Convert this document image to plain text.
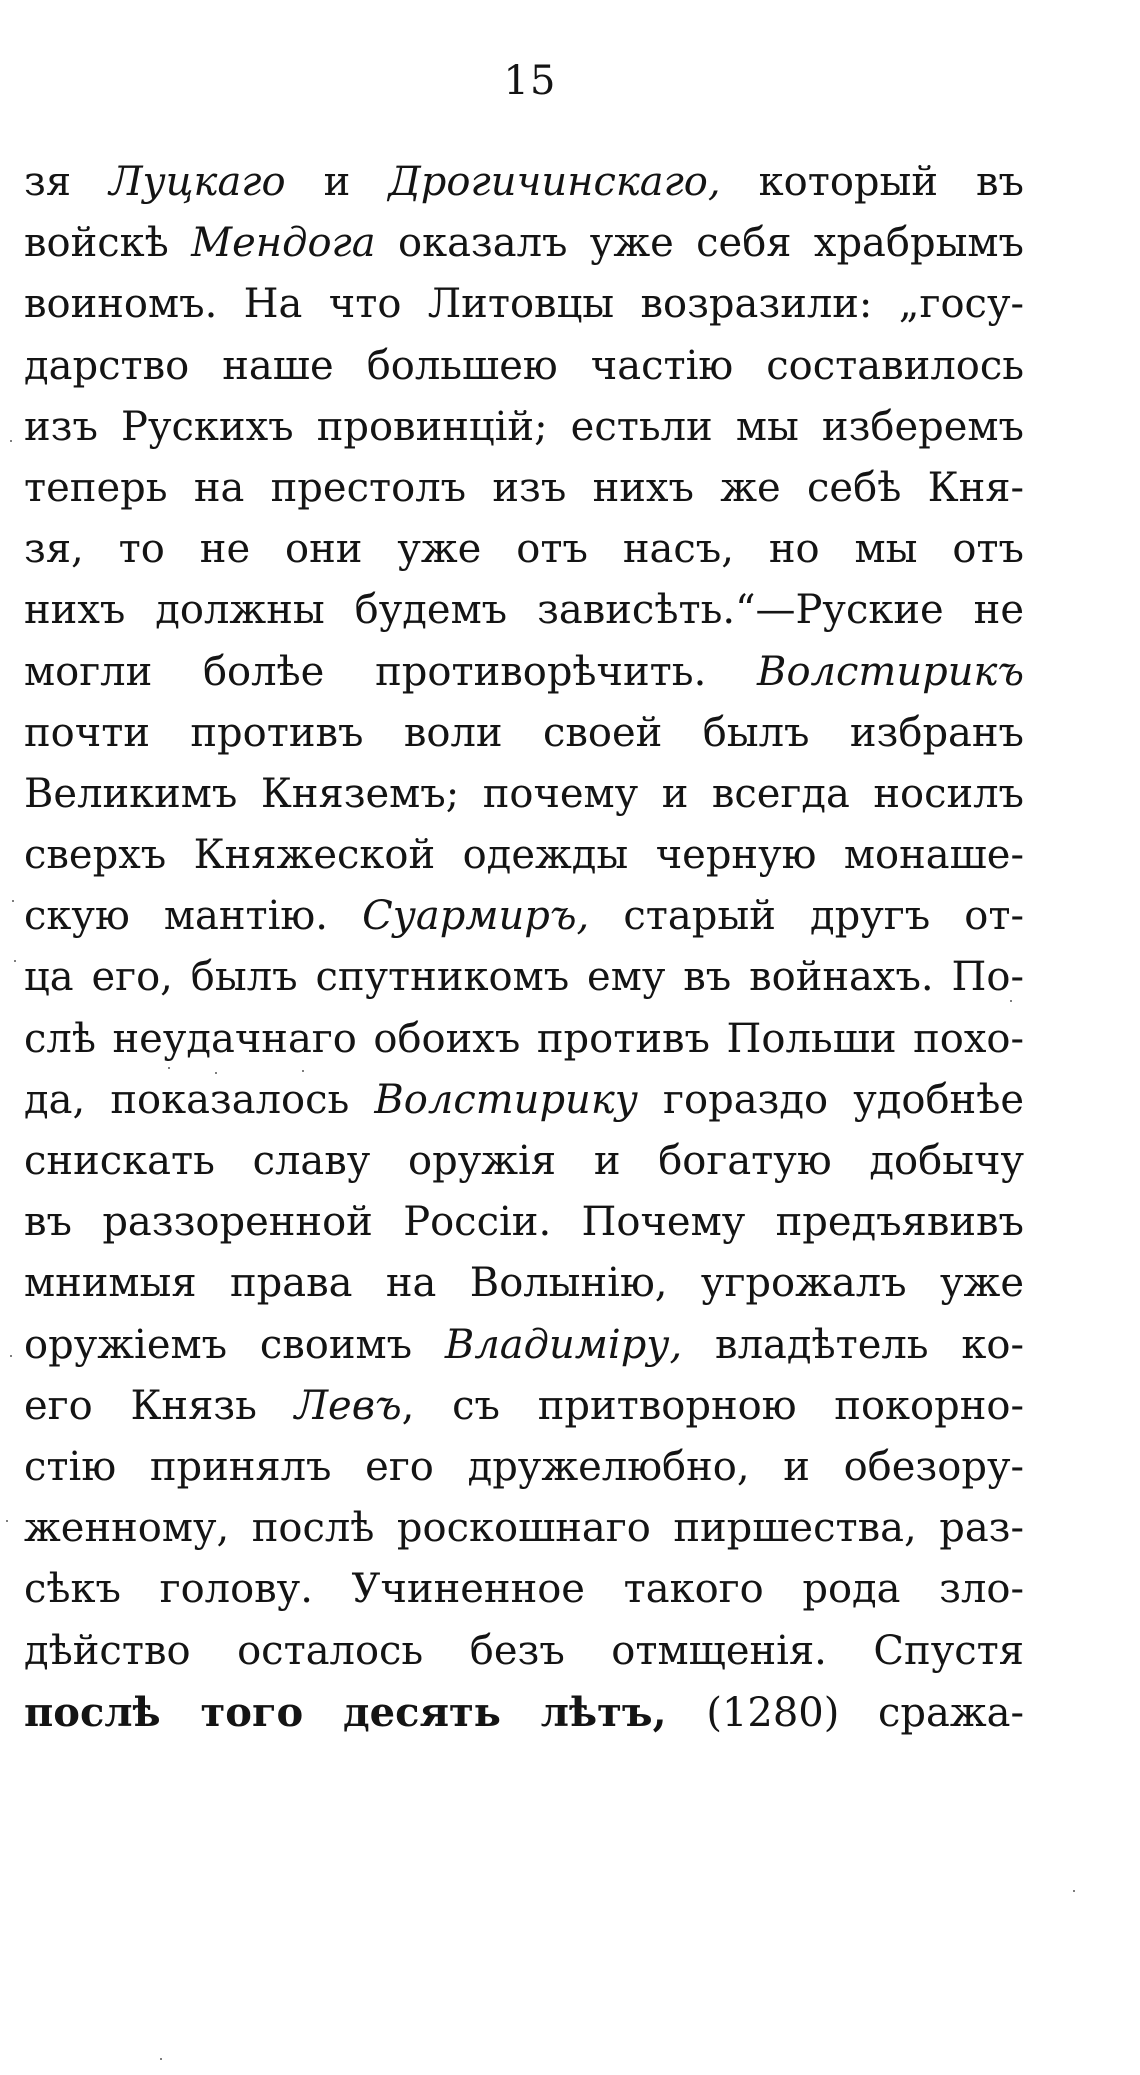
15
зя Луцкаго и Дрогичинскаго, который въ
войскѣ Мендога оказалъ уже себя храбрымъ
воиномъ. На что Литовцы возразили: „госу-
дарство наше большею частію составилось
изъ Рускихъ провинцій; естьли мы изберемъ
теперь на престолъ изъ нихъ же себѣ Кня-
зя, то не они уже отъ насъ, но мы отъ
нихъ должны будемъ зависѣть.“—Руские не
могли болѣе противорѣчить. Волстирикъ
почти противъ воли своей былъ избранъ
Великимъ Княземъ; почему и всегда носилъ
сверхъ Княжеской одежды черную монаше-
скую мантію. Суармиръ, старый другъ от-
ца его, былъ спутникомъ ему въ войнахъ. По-
слѣ неудачнаго обоихъ противъ Польши похо-
да, показалось Волстирику гораздо удобнѣе
снискать славу оружія и богатую добычу
въ раззоренной Россіи. Почему предъявивъ
мнимыя права на Волынію, угрожалъ уже
оружіемъ своимъ Владиміру, владѣтель ко-
его Князь Левъ, съ притворною покорно-
стію принялъ его дружелюбно, и обезору-
женному, послѣ роскошнаго пиршества, раз-
сѣкъ голову. Учиненное такого рода зло-
дѣйство осталось безъ отмщенія. Спустя
послѣ того десять лѣтъ, (1280) сража-
